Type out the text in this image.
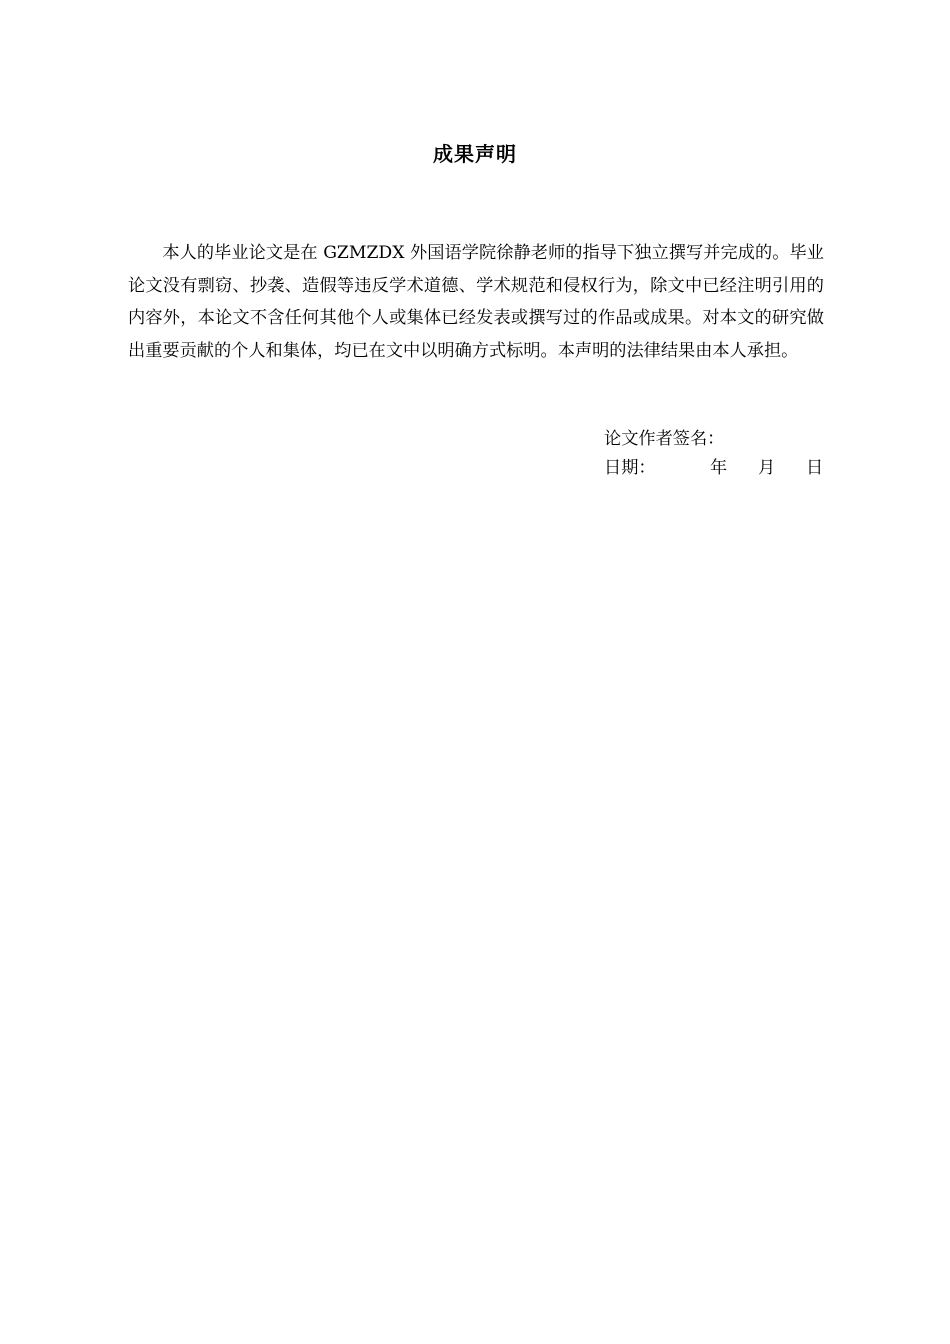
成果声明

本人的毕业论文是在 GZMZDX 外国语学院徐静老师的指导下独立撰写并完成的。毕业论文没有剽窃、抄袭、造假等违反学术道德、学术规范和侵权行为，除文中已经注明引用的内容外，本论文不含任何其他个人或集体已经发表或撰写过的作品或成果。对本文的研究做出重要贡献的个人和集体，均已在文中以明确方式标明。本声明的法律结果由本人承担。

论文作者签名：
日期：	年	月	日
